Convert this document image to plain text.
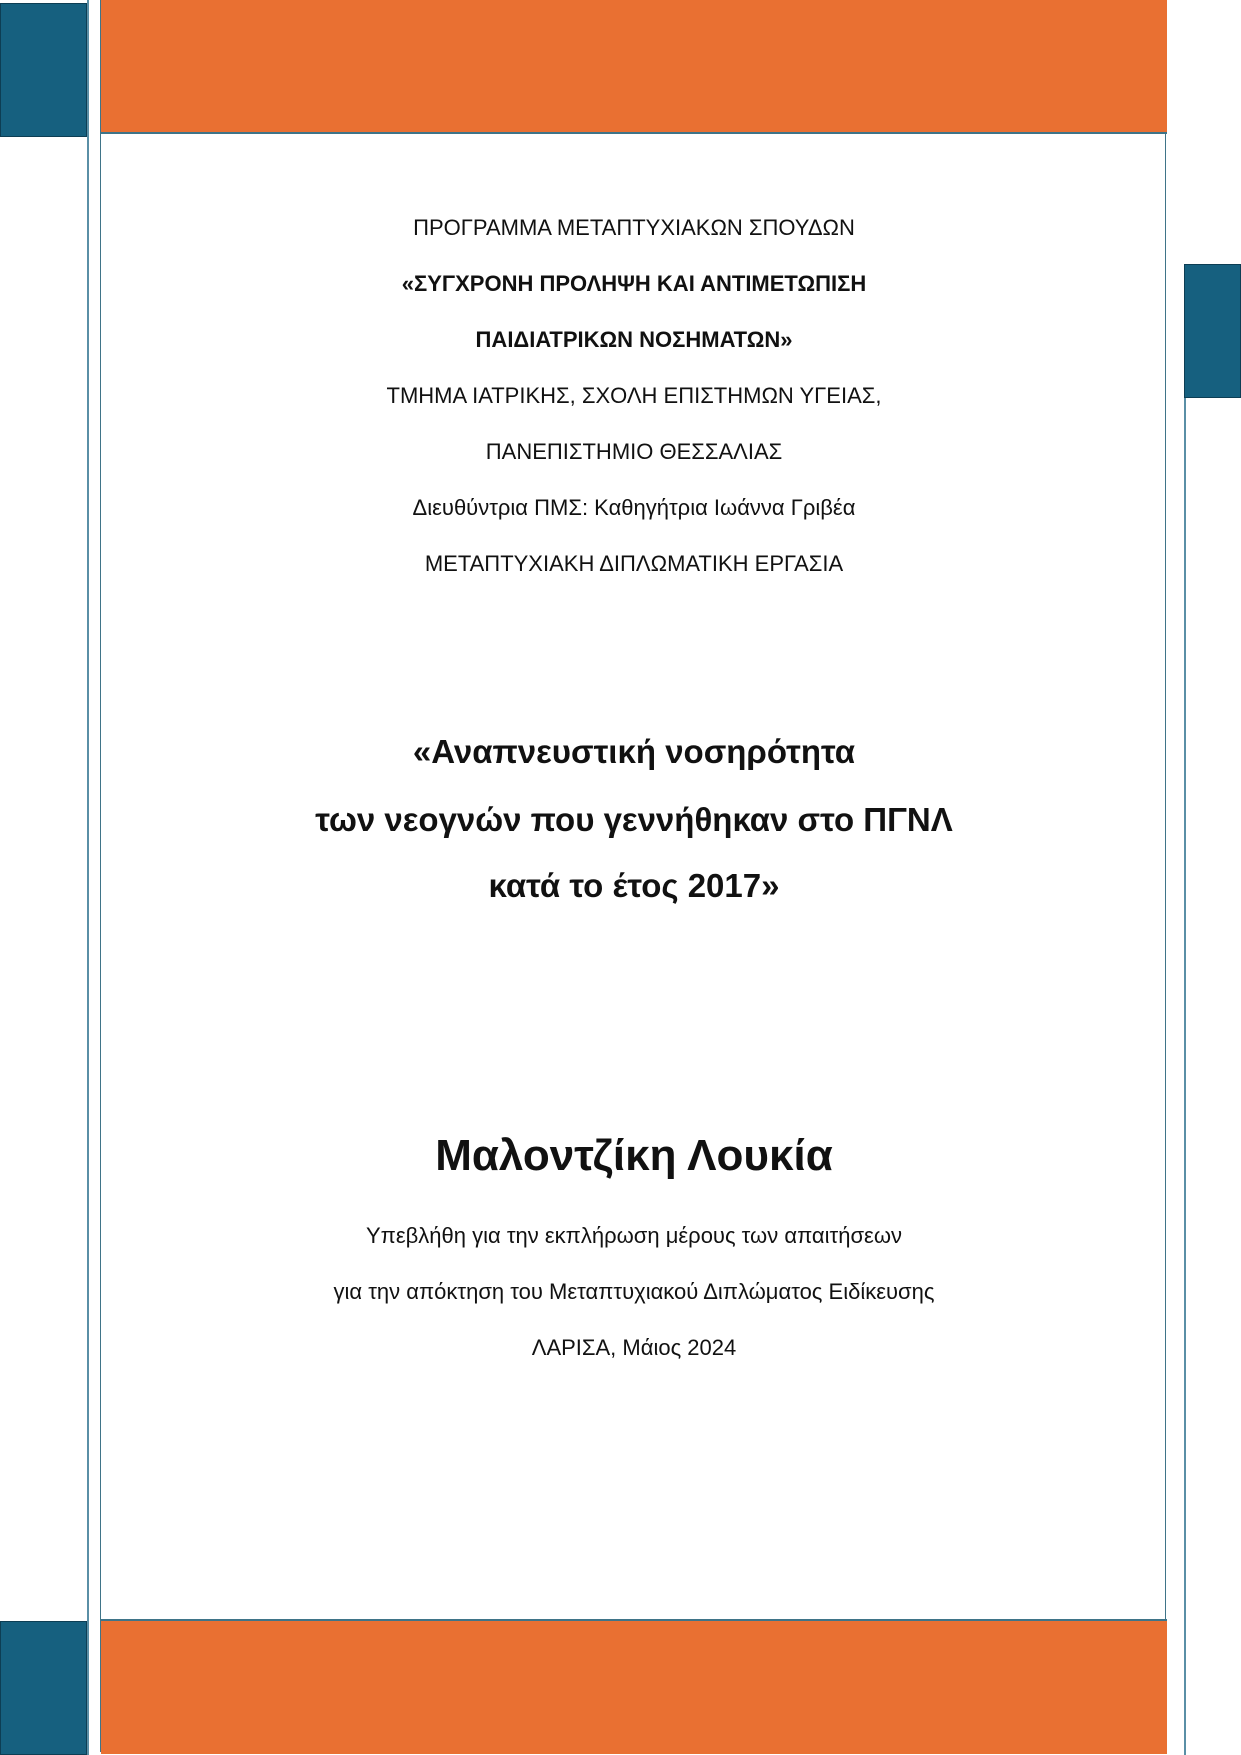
ΠΡΟΓΡΑΜΜΑ ΜΕΤΑΠΤΥΧΙΑΚΩΝ ΣΠΟΥΔΩΝ
«ΣΥΓΧΡΟΝΗ ΠΡΟΛΗΨΗ ΚΑΙ ΑΝΤΙΜΕΤΩΠΙΣΗ
ΠΑΙΔΙΑΤΡΙΚΩΝ ΝΟΣΗΜΑΤΩΝ»
ΤΜΗΜΑ ΙΑΤΡΙΚΗΣ, ΣΧΟΛΗ ΕΠΙΣΤΗΜΩΝ ΥΓΕΙΑΣ,
ΠΑΝΕΠΙΣΤΗΜΙΟ ΘΕΣΣΑΛΙΑΣ
Διευθύντρια ΠΜΣ: Καθηγήτρια Ιωάννα Γριβέα
ΜΕΤΑΠΤΥΧΙΑΚΗ ΔΙΠΛΩΜΑΤΙΚΗ ΕΡΓΑΣΙΑ
«Αναπνευστική νοσηρότητα
των νεογνών που γεννήθηκαν στο ΠΓΝΛ
κατά το έτος 2017»
Μαλοντζίκη Λουκία
Υπεβλήθη για την εκπλήρωση μέρους των απαιτήσεων
για την απόκτηση του Μεταπτυχιακού Διπλώματος Ειδίκευσης
ΛΑΡΙΣΑ, Μάιος 2024
